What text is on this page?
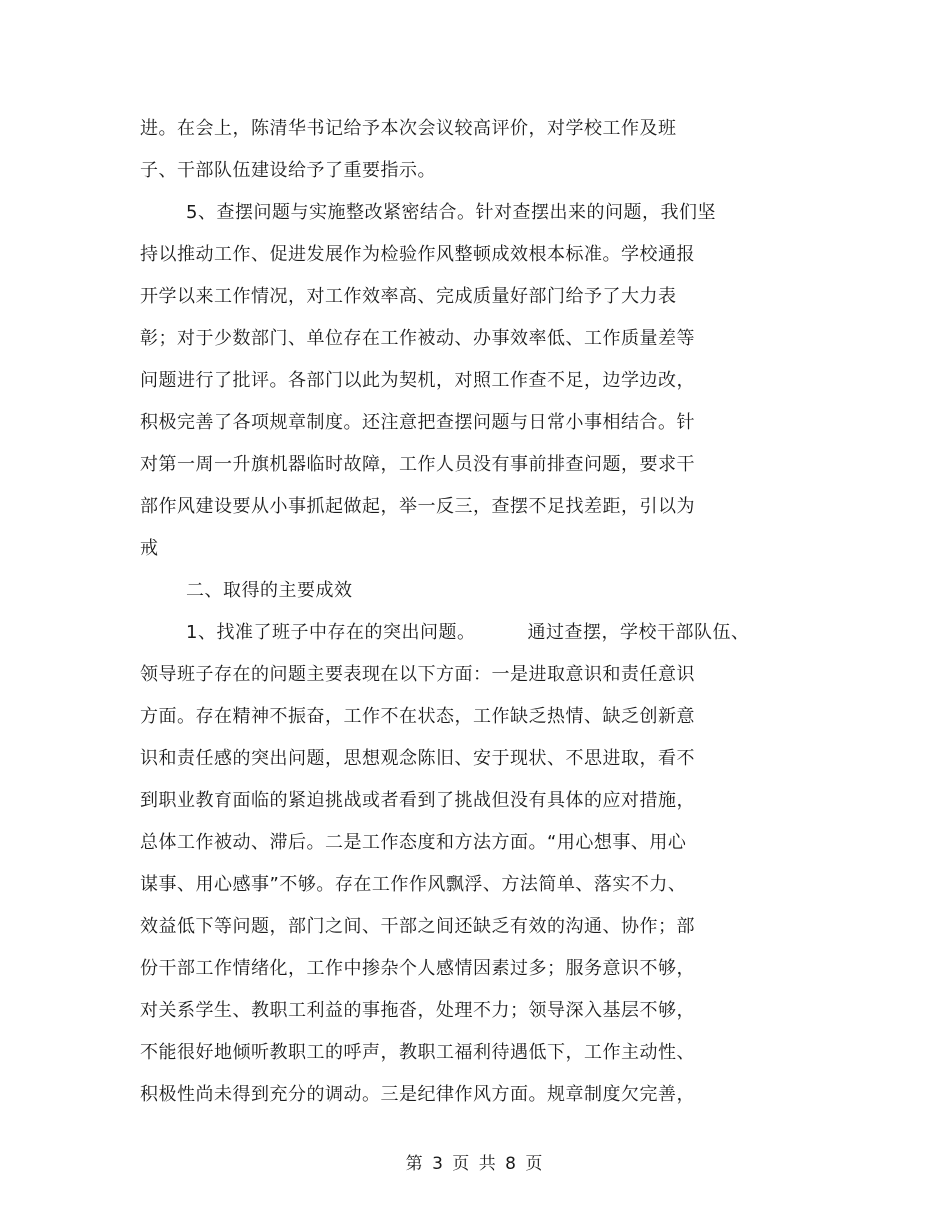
进。在会上，陈清华书记给予本次会议较高评价，对学校工作及班
子、干部队伍建设给予了重要指示。
5、查摆问题与实施整改紧密结合。针对查摆出来的问题，我们坚
持以推动工作、促进发展作为检验作风整顿成效根本标准。学校通报
开学以来工作情况，对工作效率高、完成质量好部门给予了大力表
彰；对于少数部门、单位存在工作被动、办事效率低、工作质量差等
问题进行了批评。各部门以此为契机，对照工作查不足，边学边改，
积极完善了各项规章制度。还注意把查摆问题与日常小事相结合。针
对第一周一升旗机器临时故障，工作人员没有事前排查问题，要求干
部作风建设要从小事抓起做起，举一反三，查摆不足找差距，引以为
戒
二、取得的主要成效
1、找准了班子中存在的突出问题。	通过查摆，学校干部队伍、
领导班子存在的问题主要表现在以下方面：一是进取意识和责任意识
方面。存在精神不振奋，工作不在状态，工作缺乏热情、缺乏创新意
识和责任感的突出问题，思想观念陈旧、安于现状、不思进取，看不
到职业教育面临的紧迫挑战或者看到了挑战但没有具体的应对措施，
总体工作被动、滞后。二是工作态度和方法方面。“用心想事、用心
谋事、用心感事”不够。存在工作作风飘浮、方法简单、落实不力、
效益低下等问题，部门之间、干部之间还缺乏有效的沟通、协作；部
份干部工作情绪化，工作中掺杂个人感情因素过多；服务意识不够，
对关系学生、教职工利益的事拖沓，处理不力；领导深入基层不够，
不能很好地倾听教职工的呼声，教职工福利待遇低下，工作主动性、
积极性尚未得到充分的调动。三是纪律作风方面。规章制度欠完善，
第 3 页 共 8 页
